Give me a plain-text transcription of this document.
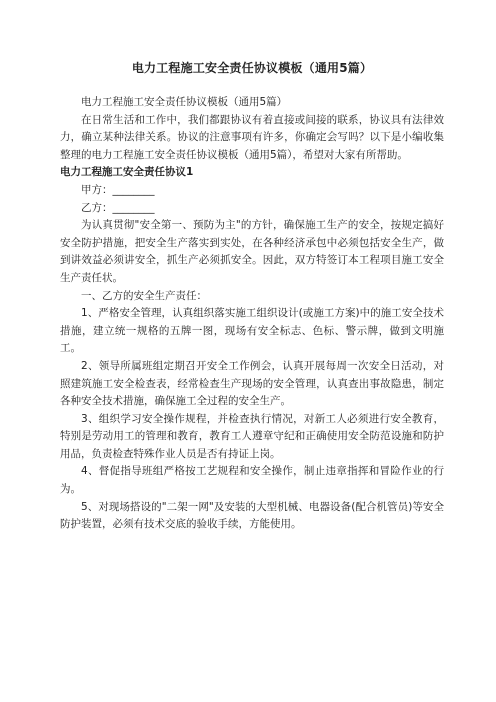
电力工程施工安全责任协议模板（通用5篇）

电力工程施工安全责任协议模板（通用5篇）

在日常生活和工作中，我们都跟协议有着直接或间接的联系，协议具有法律效力，确立某种法律关系。协议的注意事项有许多，你确定会写吗？以下是小编收集整理的电力工程施工安全责任协议模板（通用5篇），希望对大家有所帮助。

电力工程施工安全责任协议1

甲方：________

乙方：________

为认真贯彻"安全第一、预防为主"的方针，确保施工生产的安全，按规定搞好安全防护措施，把安全生产落实到实处，在各种经济承包中必须包括安全生产，做到讲效益必须讲安全，抓生产必须抓安全。因此，双方特签订本工程项目施工安全生产责任状。

一、乙方的安全生产责任：

1、严格安全管理，认真组织落实施工组织设计(或施工方案)中的施工安全技术措施，建立统一规格的五牌一图，现场有安全标志、色标、警示牌，做到文明施工。

2、领导所属班组定期召开安全工作例会，认真开展每周一次安全日活动，对照建筑施工安全检查表，经常检查生产现场的安全管理，认真查出事故隐患，制定各种安全技术措施，确保施工全过程的安全生产。

3、组织学习安全操作规程，并检查执行情况，对新工人必须进行安全教育，特别是劳动用工的管理和教育，教育工人遵章守纪和正确使用安全防范设施和防护用品，负责检查特殊作业人员是否有持证上岗。

4、督促指导班组严格按工艺规程和安全操作，制止违章指挥和冒险作业的行为。

5、对现场搭设的"二架一网"及安装的大型机械、电器设备(配合机管员)等安全防护装置，必须有技术交底的验收手续，方能使用。
